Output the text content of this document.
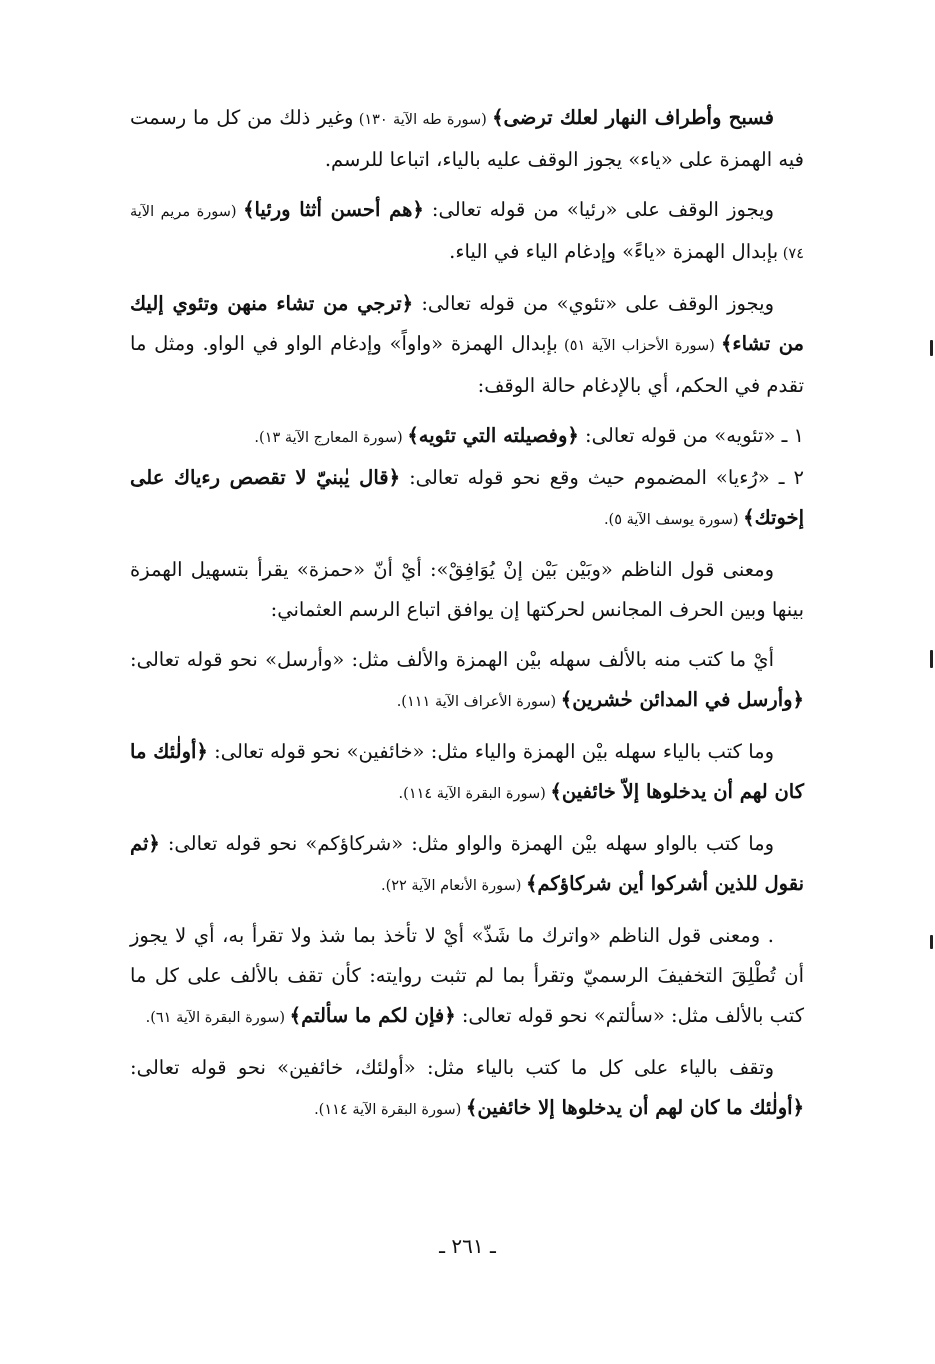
فسبح وأطراف النهار لعلك ترضى﴾ (سورة طه الآية ١٣٠) وغير ذلك من كل ما رسمت فيه الهمزة على «ياء» يجوز الوقف عليه بالياء، اتباعا للرسم.

ويجوز الوقف على «رئيا» من قوله تعالى: ﴿هم أحسن أثثا ورئيا﴾ (سورة مريم الآية ٧٤) بإبدال الهمزة «ياءً» وإدغام الياء في الياء.

ويجوز الوقف على «تئوي» من قوله تعالى: ﴿ترجي من تشاء منهن وتئوي إليك من تشاء﴾ (سورة الأحزاب الآية ٥١) بإبدال الهمزة «واواً» وإدغام الواو في الواو. ومثل ما تقدم في الحكم، أي بالإدغام حالة الوقف:

١ ـ «تئويه» من قوله تعالى: ﴿وفصيلته التي تئويه﴾ (سورة المعارج الآية ١٣).

٢ ـ «رُءيا» المضموم حيث وقع نحو قوله تعالى: ﴿قال يٰبنيّ لا تقصص رءياك على إخوتك﴾ (سورة يوسف الآية ٥).

ومعنى قول الناظم «وبَيْن بَيْن إنْ يُوَافِقْ»: أيْ أنّ «حمزة» يقرأ بتسهيل الهمزة بينها وبين الحرف المجانس لحركتها إن يوافق اتباع الرسم العثماني:

أيْ ما كتب منه بالألف سهله بيْن الهمزة والألف مثل: «وأرسل» نحو قوله تعالى: ﴿وأرسل في المدائن حٰشرين﴾ (سورة الأعراف الآية ١١١).

وما كتب بالياء سهله بيْن الهمزة والياء مثل: «خائفين» نحو قوله تعالى: ﴿أولٰئك ما كان لهم أن يدخلوها إلاّ خائفين﴾ (سورة البقرة الآية ١١٤).

وما كتب بالواو سهله بيْن الهمزة والواو مثل: «شركاؤكم» نحو قوله تعالى: ﴿ثم نقول للذين أشركوا أين شركاؤكم﴾ (سورة الأنعام الآية ٢٢).

. ومعنى قول الناظم «واترك ما شَذّ» أيْ لا تأخذ بما شذ ولا تقرأ به، أي لا يجوز أن تُطْلِقَ التخفيفَ الرسميّ وتقرأ بما لم تثبت روايته: كأن تقف بالألف على كل ما كتب بالألف مثل: «سألتم» نحو قوله تعالى: ﴿فإن لكم ما سألتم﴾ (سورة البقرة الآية ٦١).

وتقف بالياء على كل ما كتب بالياء مثل: «أولئك، خائفين» نحو قوله تعالى: ﴿أولٰئك ما كان لهم أن يدخلوها إلا خائفين﴾ (سورة البقرة الآية ١١٤).

ـ ٢٦١ ـ
